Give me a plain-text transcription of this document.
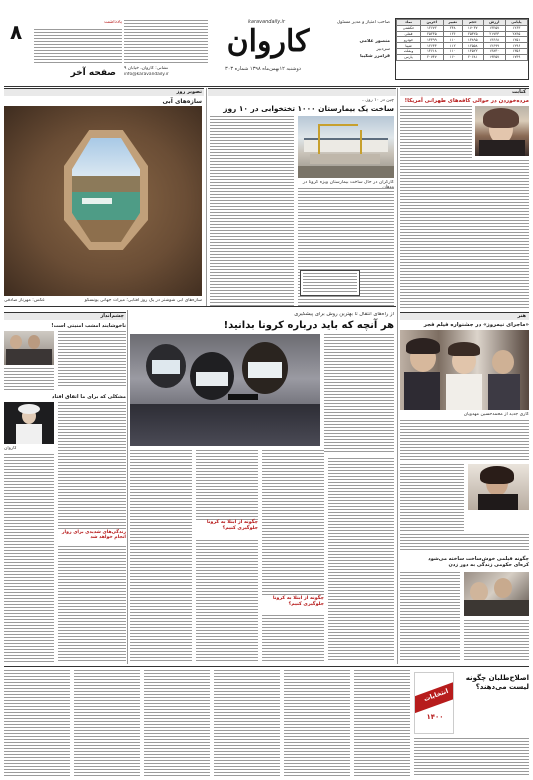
۸	یادداشت
صفحه آخر نشانی: کاروان، خیابان ۹
info@karavandaily.ir
karavandaily.ir
کاروان
دوشنبه ۱۲بهمن‌ماه ۱۳۹۸ شماره ۳۰۳
صاحب امتیاز و مدیر مسئول
منصور غلامی
سردبیر
فرامرز شکیبا
نماد	آخرین	تغییر	حجم	ارزش	پایانی
حکشتی	۱۲۶۷۲	۲۴۸	۱۷۰۳۷	۱۴۲۵۷	۱۲۶۳
فملی	۲۵۲۳۵	۱۲۶	۲۵۳۲۵	۲۱۷۴۳	۲۸۴۵
خودرو	۱۳۳۹۹	۱۱۰	۱۳۸۹۵	۱۳۶۶۸	۱۲۵۱
شپنا	۱۲۶۳۳	۱۱۲	۱۲۵۵۸	۱۲۶۹۹	۱۲۹۶
وبملت	۱۴۶۱۸	۱۱۰	۱۴۵۲۲	۱۳۸۳۰	۱۳۵۶
پارس	۲۰۷۴۷	۱۶۰	۲۰۶۸۱	۱۹۴۵۷	۱۷۴۹
کتابت
تصویر روز
مرده‌خوردن در حوالی کافه‌های طهرانی آمریکا!
هنر
چین در ۱۰ روز...
ساخت یک بیمارستان ۱۰۰۰ تختخوابی در ۱۰ روز
کارگران در حال ساخت بیمارستان ویژه کرونا در
سازه‌های آبی
سازه‌های آبی شوشتر در یک روز آفتابی؛ میراث جهانی یونسکو
عکس: مهرناز صادقی
از راه‌های انتقال تا بهترین روش برای پیشگیری
هر آنچه که باید درباره کرونا بدانید!
چگونه از ابتلا به کرونا جلوگیری کنیم؟
چگونه از ابتلا به کرونا جلوگیری کنیم؟
«ماجرای نیمروز» در جشنواره فیلم فجر
کاری جدید از محمدحسین مهدویان
چگونه فیلمی خوش‌ساخت ساخته می‌شود
کره‌ای حکومی زندگی به دور زدن
چشم‌انداز
ناخوشایند امشب امنیتی است!
مشکلی که برای ما اتفاق افتاد
کاروان
زندگی‌های شدیدی برای زوار انجام خواهد شد
اصلاح‌طلبان چگونه لیست می‌دهند؟
انتخابات
۱۴۰۰
